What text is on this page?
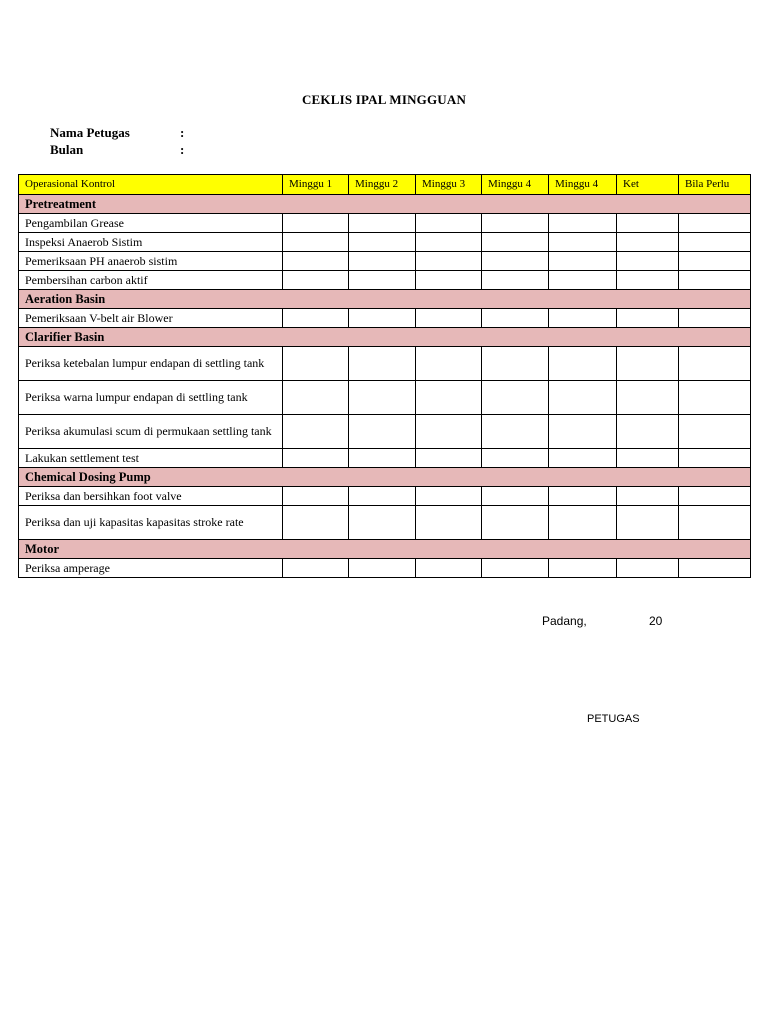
CEKLIS IPAL MINGGUAN
Nama Petugas	:
Bulan	:
Operasional Kontrol	Minggu 1	Minggu 2	Minggu 3	Minggu 4	Minggu 4	Ket	Bila Perlu
Pretreatment							
Pengambilan Grease							
Inspeksi Anaerob Sistim							
Pemeriksaan PH anaerob sistim							
Pembersihan carbon aktif							
Aeration Basin							
Pemeriksaan V-belt air Blower							
Clarifier Basin							
Periksa ketebalan lumpur endapan di settling tank							
Periksa warna lumpur endapan di settling tank							
Periksa akumulasi scum di permukaan settling tank							
Lakukan settlement test							
Chemical Dosing Pump							
Periksa dan bersihkan foot valve							
Periksa dan uji kapasitas kapasitas stroke rate							
Motor							
Periksa amperage							
Padang,	20
PETUGAS
